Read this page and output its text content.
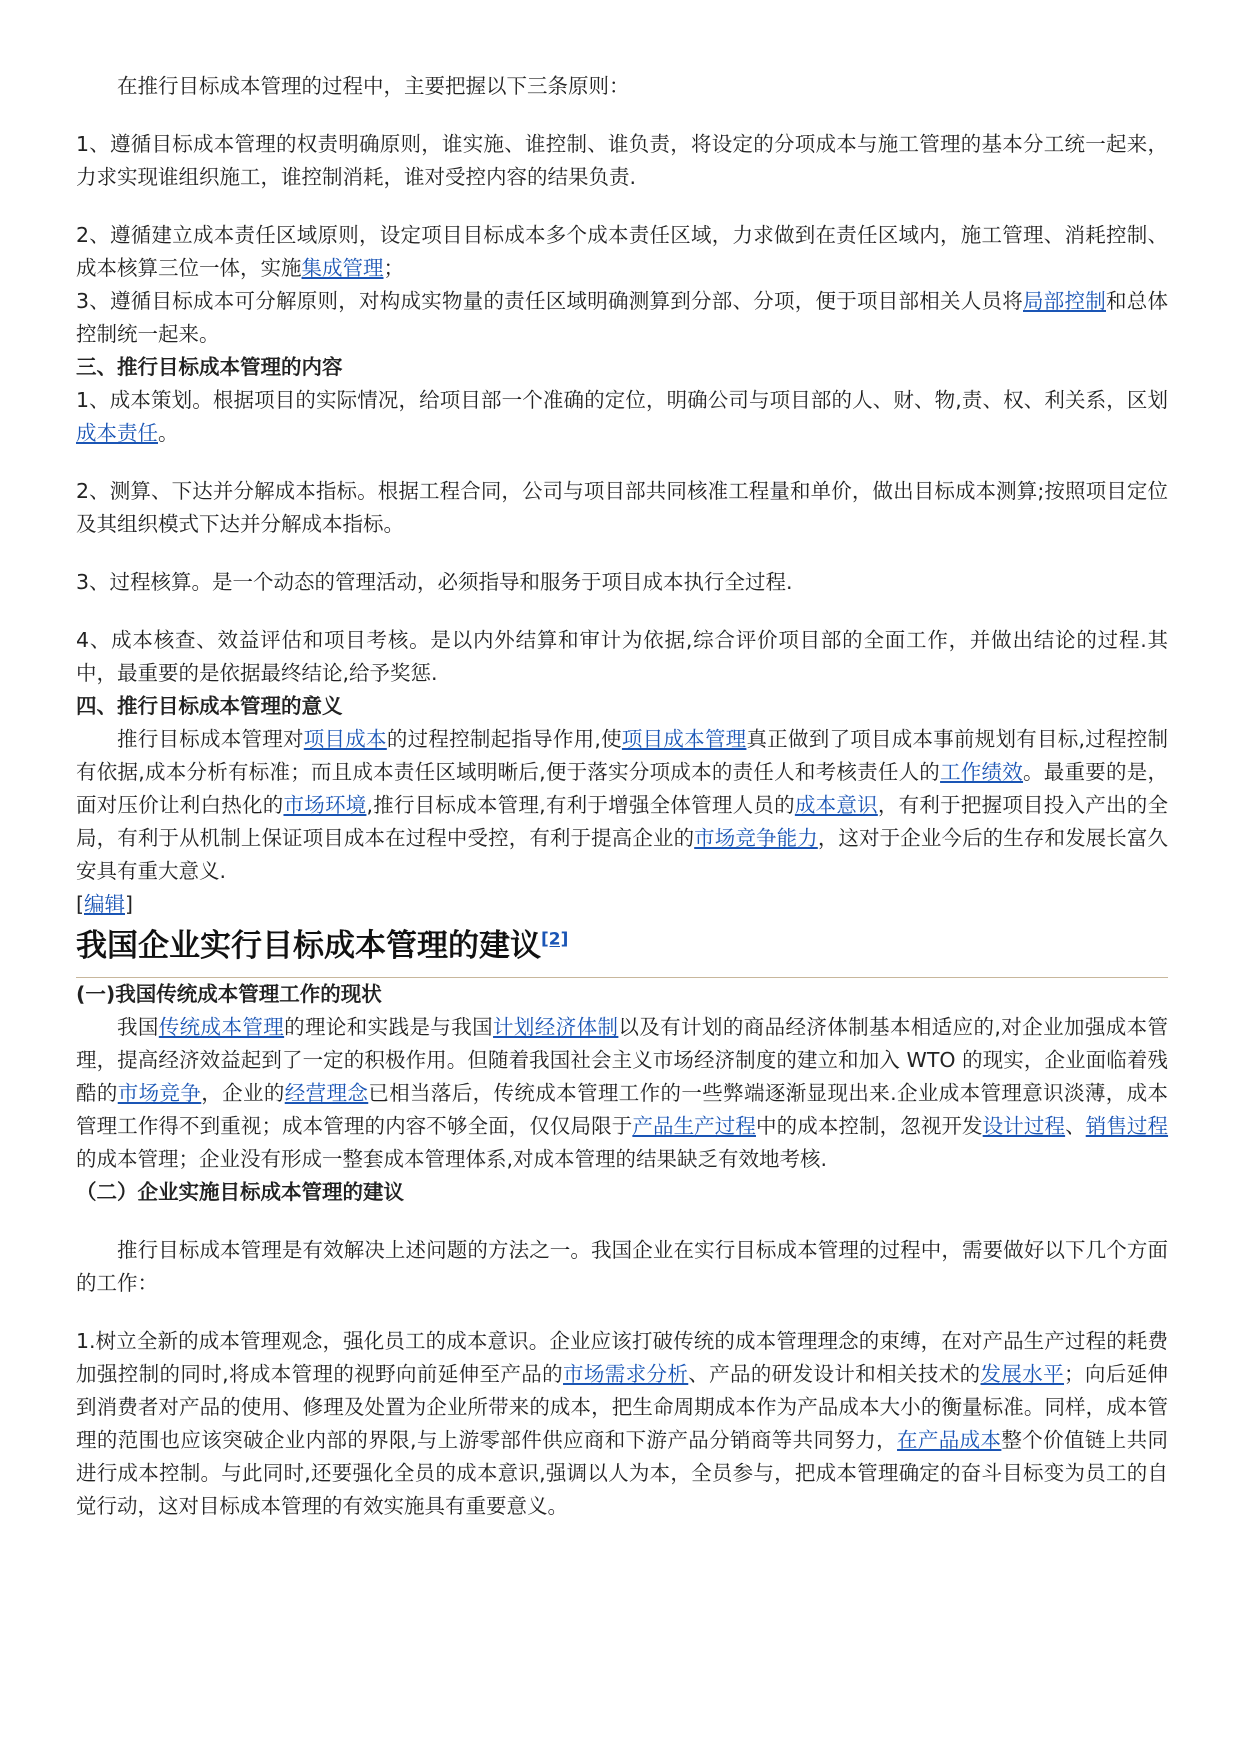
在推行目标成本管理的过程中，主要把握以下三条原则：

1、遵循目标成本管理的权责明确原则，谁实施、谁控制、谁负责，将设定的分项成本与施工管理的基本分工统一起来，力求实现谁组织施工，谁控制消耗，谁对受控内容的结果负责.

2、遵循建立成本责任区域原则，设定项目目标成本多个成本责任区域，力求做到在责任区域内，施工管理、消耗控制、成本核算三位一体，实施集成管理；

3、遵循目标成本可分解原则，对构成实物量的责任区域明确测算到分部、分项，便于项目部相关人员将局部控制和总体控制统一起来。

三、推行目标成本管理的内容

1、成本策划。根据项目的实际情况，给项目部一个准确的定位，明确公司与项目部的人、财、物,责、权、利关系，区划成本责任。

2、测算、下达并分解成本指标。根据工程合同，公司与项目部共同核准工程量和单价，做出目标成本测算;按照项目定位及其组织模式下达并分解成本指标。

3、过程核算。是一个动态的管理活动，必须指导和服务于项目成本执行全过程.

4、成本核查、效益评估和项目考核。是以内外结算和审计为依据,综合评价项目部的全面工作，并做出结论的过程.其中，最重要的是依据最终结论,给予奖惩.

四、推行目标成本管理的意义

推行目标成本管理对项目成本的过程控制起指导作用,使项目成本管理真正做到了项目成本事前规划有目标,过程控制有依据,成本分析有标准；而且成本责任区域明晰后,便于落实分项成本的责任人和考核责任人的工作绩效。最重要的是，面对压价让利白热化的市场环境,推行目标成本管理,有利于增强全体管理人员的成本意识，有利于把握项目投入产出的全局，有利于从机制上保证项目成本在过程中受控，有利于提高企业的市场竞争能力，这对于企业今后的生存和发展长富久安具有重大意义.

[编辑]

我国企业实行目标成本管理的建议[2]

(一)我国传统成本管理工作的现状

我国传统成本管理的理论和实践是与我国计划经济体制以及有计划的商品经济体制基本相适应的,对企业加强成本管理，提高经济效益起到了一定的积极作用。但随着我国社会主义市场经济制度的建立和加入 WTO 的现实，企业面临着残酷的市场竞争，企业的经营理念已相当落后，传统成本管理工作的一些弊端逐渐显现出来.企业成本管理意识淡薄，成本管理工作得不到重视；成本管理的内容不够全面，仅仅局限于产品生产过程中的成本控制，忽视开发设计过程、销售过程的成本管理；企业没有形成一整套成本管理体系,对成本管理的结果缺乏有效地考核.

（二）企业实施目标成本管理的建议

推行目标成本管理是有效解决上述问题的方法之一。我国企业在实行目标成本管理的过程中，需要做好以下几个方面的工作：

1.树立全新的成本管理观念，强化员工的成本意识。企业应该打破传统的成本管理理念的束缚，在对产品生产过程的耗费加强控制的同时,将成本管理的视野向前延伸至产品的市场需求分析、产品的研发设计和相关技术的发展水平；向后延伸到消费者对产品的使用、修理及处置为企业所带来的成本，把生命周期成本作为产品成本大小的衡量标准。同样，成本管理的范围也应该突破企业内部的界限,与上游零部件供应商和下游产品分销商等共同努力，在产品成本整个价值链上共同进行成本控制。与此同时,还要强化全员的成本意识,强调以人为本，全员参与，把成本管理确定的奋斗目标变为员工的自觉行动，这对目标成本管理的有效实施具有重要意义。
